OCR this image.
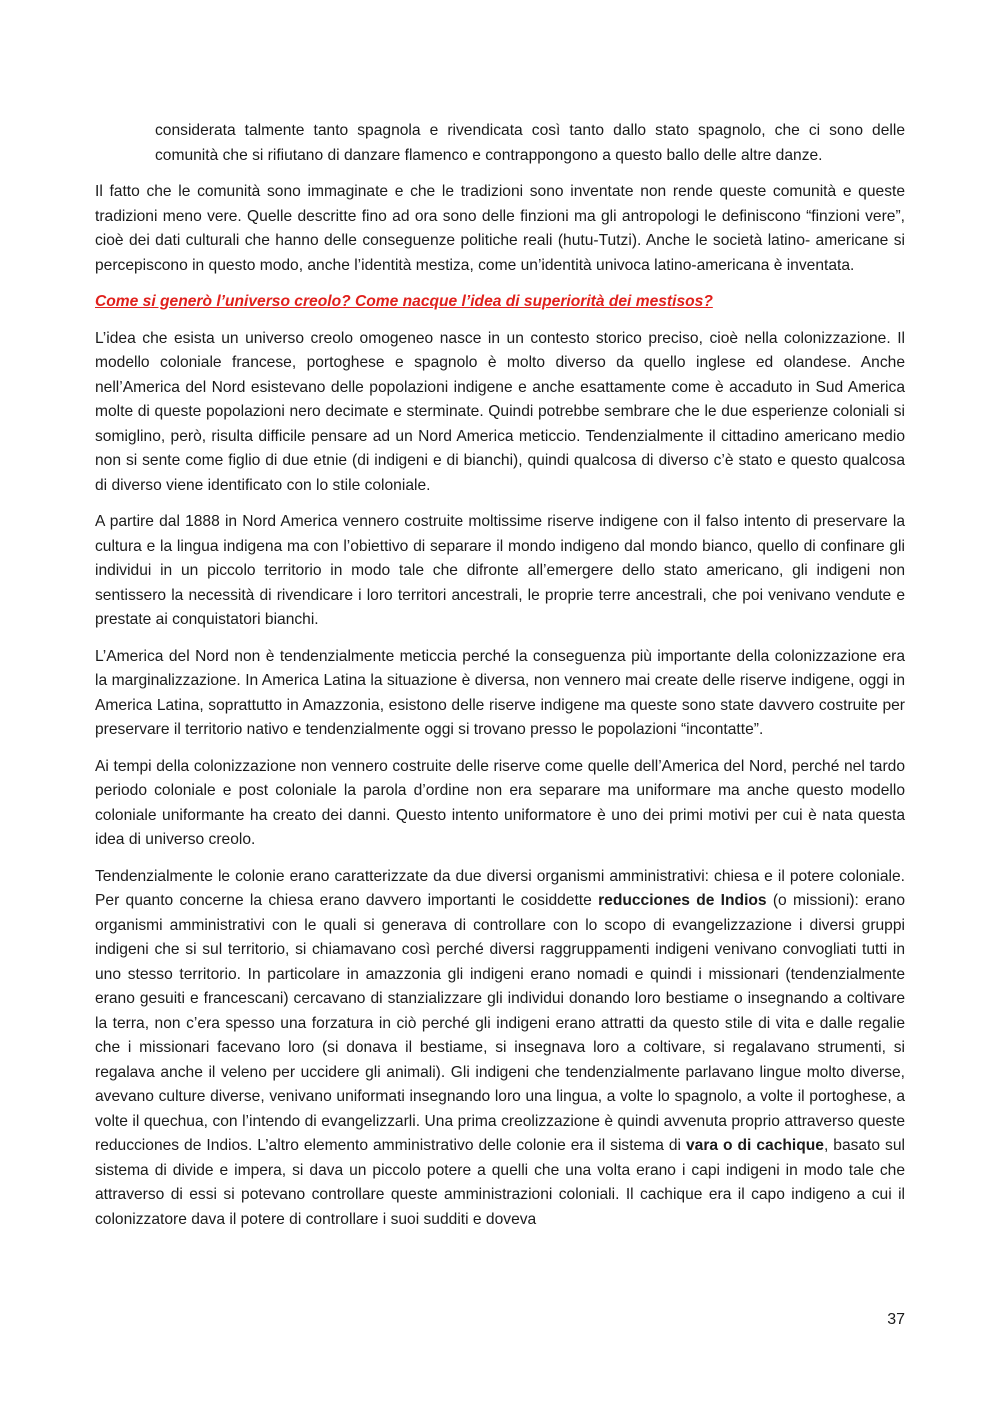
considerata talmente tanto spagnola e rivendicata così tanto dallo stato spagnolo, che ci sono delle comunità che si rifiutano di danzare flamenco e contrappongono a questo ballo delle altre danze.

Il fatto che le comunità sono immaginate e che le tradizioni sono inventate non rende queste comunità e queste tradizioni meno vere. Quelle descritte fino ad ora sono delle finzioni ma gli antropologi le definiscono “finzioni vere”, cioè dei dati culturali che hanno delle conseguenze politiche reali (hutu-Tutzi). Anche le società latino- americane si percepiscono in questo modo, anche l’identità mestiza, come un’identità univoca latino-americana è inventata.

Come si generò l’universo creolo? Come nacque l’idea di superiorità dei mestisos?

L’idea che esista un universo creolo omogeneo nasce in un contesto storico preciso, cioè nella colonizzazione. Il modello coloniale francese, portoghese e spagnolo è molto diverso da quello inglese ed olandese. Anche nell’America del Nord esistevano delle popolazioni indigene e anche esattamente come è accaduto in Sud America molte di queste popolazioni nero decimate e sterminate. Quindi potrebbe sembrare che le due esperienze coloniali si somiglino, però, risulta difficile pensare ad un Nord America meticcio. Tendenzialmente il cittadino americano medio non si sente come figlio di due etnie (di indigeni e di bianchi), quindi qualcosa di diverso c’è stato e questo qualcosa di diverso viene identificato con lo stile coloniale.

A partire dal 1888 in Nord America vennero costruite moltissime riserve indigene con il falso intento di preservare la cultura e la lingua indigena ma con l’obiettivo di separare il mondo indigeno dal mondo bianco, quello di confinare gli individui in un piccolo territorio in modo tale che difronte all’emergere dello stato americano, gli indigeni non sentissero la necessità di rivendicare i loro territori ancestrali, le proprie terre ancestrali, che poi venivano vendute e prestate ai conquistatori bianchi.

L’America del Nord non è tendenzialmente meticcia perché la conseguenza più importante della colonizzazione era la marginalizzazione. In America Latina la situazione è diversa, non vennero mai create delle riserve indigene, oggi in America Latina, soprattutto in Amazzonia, esistono delle riserve indigene ma queste sono state davvero costruite per preservare il territorio nativo e tendenzialmente oggi si trovano presso le popolazioni “incontatte”.

Ai tempi della colonizzazione non vennero costruite delle riserve come quelle dell’America del Nord, perché nel tardo periodo coloniale e post coloniale la parola d’ordine non era separare ma uniformare ma anche questo modello coloniale uniformante ha creato dei danni. Questo intento uniformatore è uno dei primi motivi per cui è nata questa idea di universo creolo.

Tendenzialmente le colonie erano caratterizzate da due diversi organismi amministrativi: chiesa e il potere coloniale. Per quanto concerne la chiesa erano davvero importanti le cosiddette reducciones de Indios (o missioni): erano organismi amministrativi con le quali si generava di controllare con lo scopo di evangelizzazione i diversi gruppi indigeni che si sul territorio, si chiamavano così perché diversi raggruppamenti indigeni venivano convogliati tutti in uno stesso territorio. In particolare in amazzonia gli indigeni erano nomadi e quindi i missionari (tendenzialmente erano gesuiti e francescani) cercavano di stanzializzare gli individui donando loro bestiame o insegnando a coltivare la terra, non c’era spesso una forzatura in ciò perché gli indigeni erano attratti da questo stile di vita e dalle regalie che i missionari facevano loro (si donava il bestiame, si insegnava loro a coltivare, si regalavano strumenti, si regalava anche il veleno per uccidere gli animali). Gli indigeni che tendenzialmente parlavano lingue molto diverse, avevano culture diverse, venivano uniformati insegnando loro una lingua, a volte lo spagnolo, a volte il portoghese, a volte il quechua, con l’intendo di evangelizzarli. Una prima creolizzazione è quindi avvenuta proprio attraverso queste reducciones de Indios. L’altro elemento amministrativo delle colonie era il sistema di vara o di cachique, basato sul sistema di divide e impera, si dava un piccolo potere a quelli che una volta erano i capi indigeni in modo tale che attraverso di essi si potevano controllare queste amministrazioni coloniali. Il cachique era il capo indigeno a cui il colonizzatore dava il potere di controllare i suoi sudditi e doveva

37
